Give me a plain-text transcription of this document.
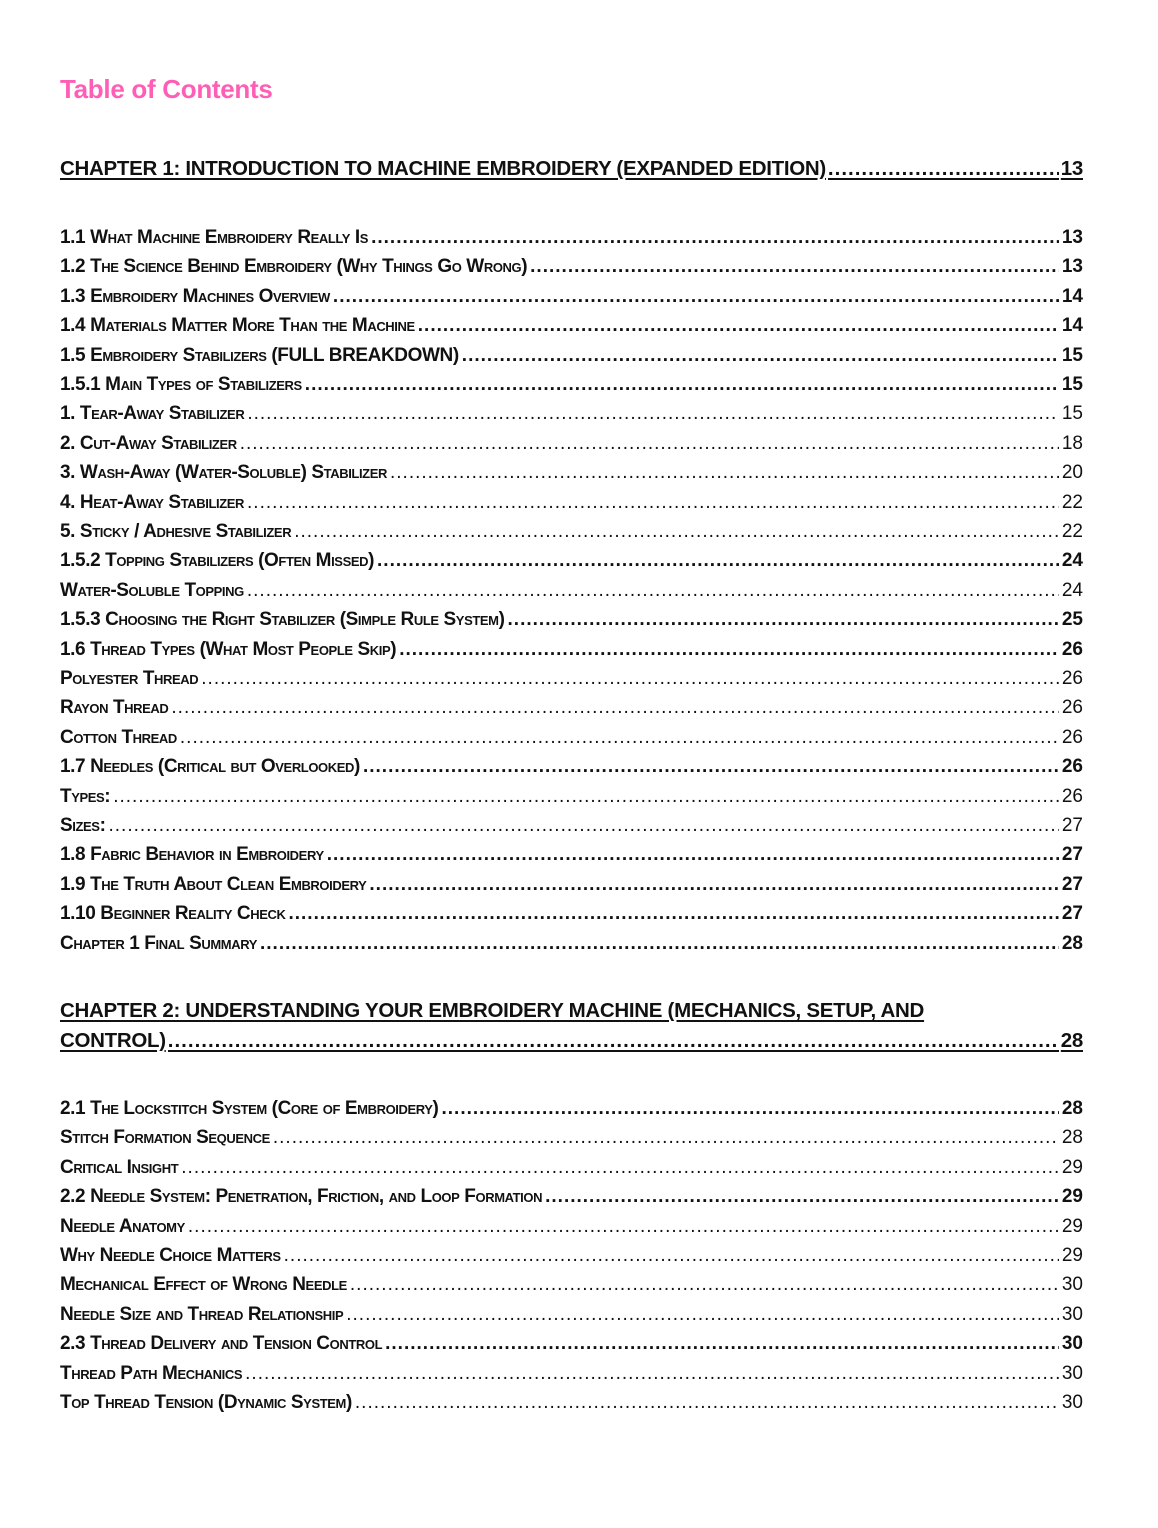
Table of Contents
CHAPTER 1: INTRODUCTION TO MACHINE EMBROIDERY (EXPANDED EDITION) .....	13
1.1 What Machine Embroidery Really Is .....	13
1.2 The Science Behind Embroidery (Why Things Go Wrong) .....	13
1.3 Embroidery Machines Overview .....	14
1.4 Materials Matter More Than the Machine .....	14
1.5 Embroidery Stabilizers (FULL BREAKDOWN) .....	15
1.5.1 Main Types of Stabilizers .....	15
1. Tear-Away Stabilizer .....	15
2. Cut-Away Stabilizer .....	18
3. Wash-Away (Water-Soluble) Stabilizer .....	20
4. Heat-Away Stabilizer .....	22
5. Sticky / Adhesive Stabilizer .....	22
1.5.2 Topping Stabilizers (Often Missed) .....	24
Water-Soluble Topping .....	24
1.5.3 Choosing the Right Stabilizer (Simple Rule System) .....	25
1.6 Thread Types (What Most People Skip) .....	26
Polyester Thread .....	26
Rayon Thread .....	26
Cotton Thread .....	26
1.7 Needles (Critical but Overlooked) .....	26
Types: .....	26
Sizes: .....	27
1.8 Fabric Behavior in Embroidery .....	27
1.9 The Truth About Clean Embroidery .....	27
1.10 Beginner Reality Check .....	27
Chapter 1 Final Summary .....	28
CHAPTER 2: UNDERSTANDING YOUR EMBROIDERY MACHINE (MECHANICS, SETUP, AND
CONTROL) .....	28
2.1 The Lockstitch System (Core of Embroidery) .....	28
Stitch Formation Sequence .....	28
Critical Insight .....	29
2.2 Needle System: Penetration, Friction, and Loop Formation .....	29
Needle Anatomy .....	29
Why Needle Choice Matters .....	29
Mechanical Effect of Wrong Needle .....	30
Needle Size and Thread Relationship .....	30
2.3 Thread Delivery and Tension Control .....	30
Thread Path Mechanics .....	30
Top Thread Tension (Dynamic System) .....	30
